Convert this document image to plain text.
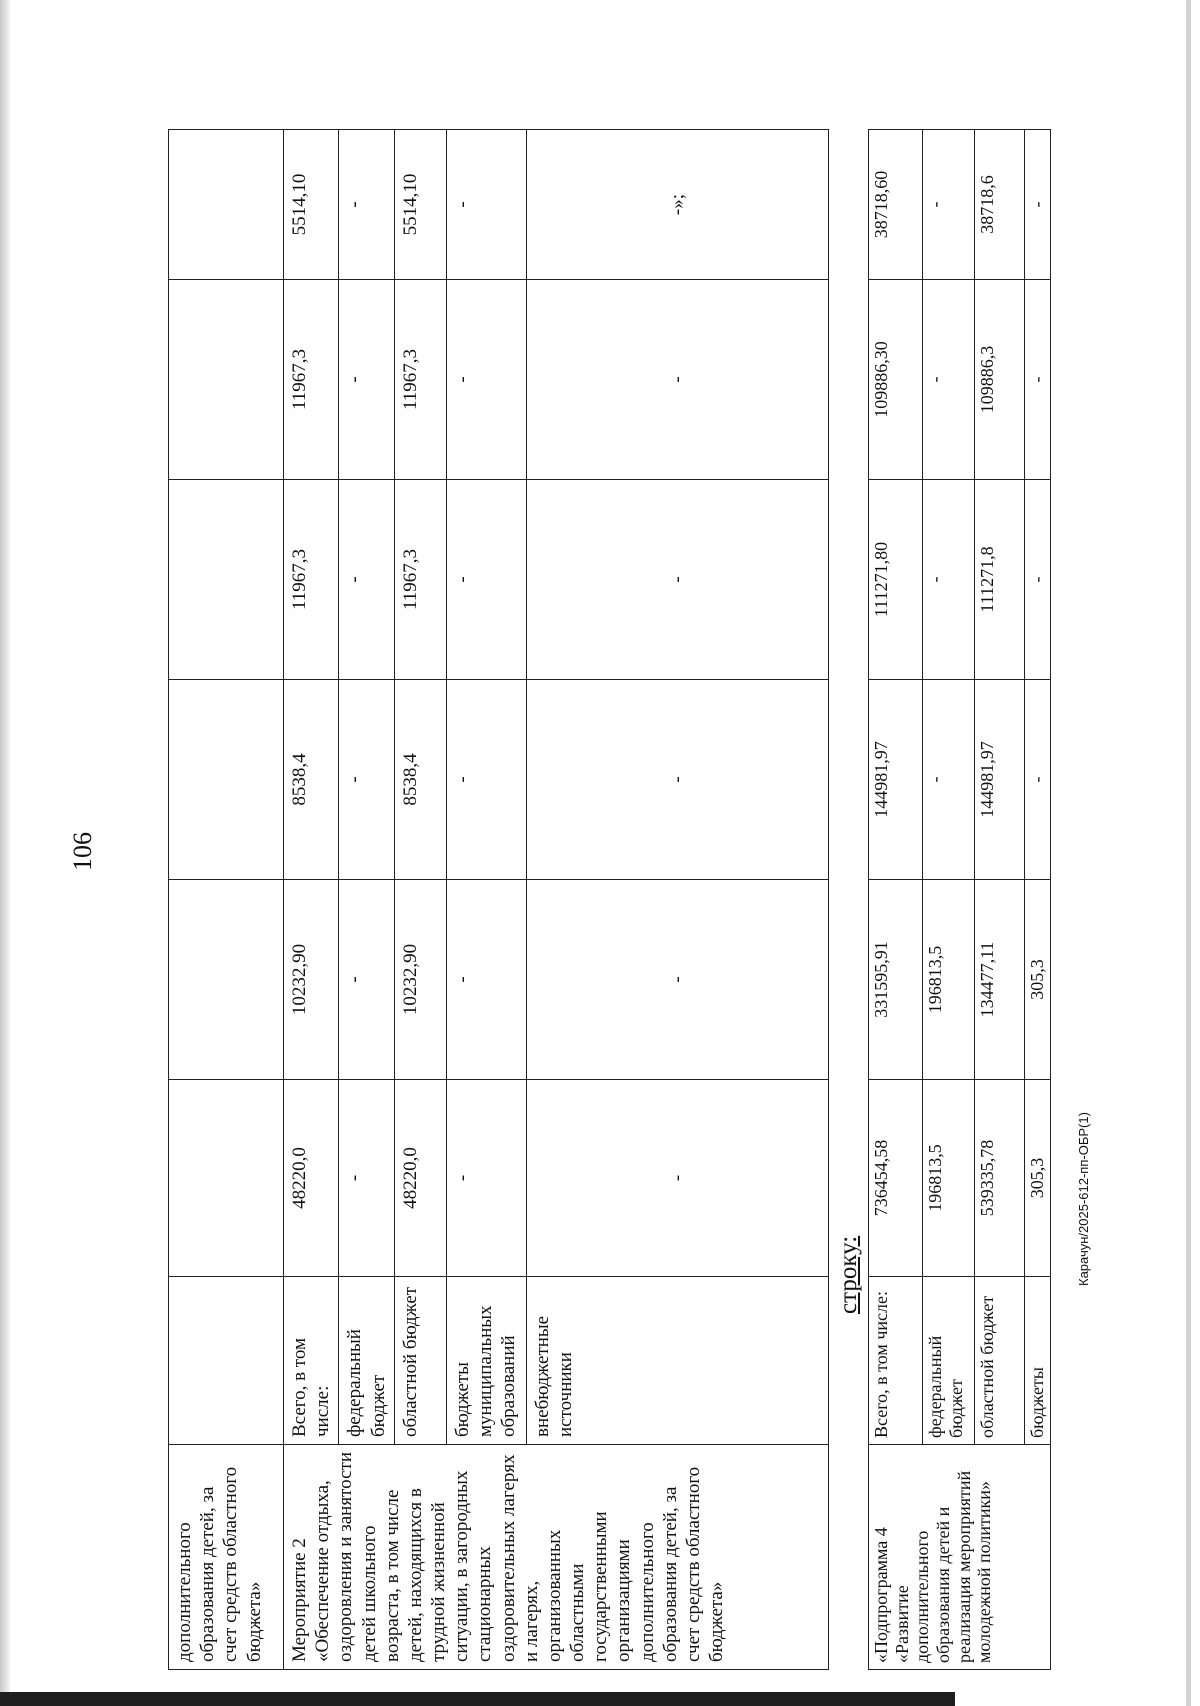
106
дополнительного образования детей, за счет средств областного бюджета»							
Мероприятие 2 «Обеспечение отдыха, оздоровления и занятости детей школьного возраста, в том числе детей, находящихся в трудной жизненной ситуации, в загородных стационарных оздоровительных лагерях и лагерях, организованных областными государственными организациями дополнительного образования детей, за счет средств областного бюджета»	Всего, в том числе:	48220,0	10232,90	8538,4	11967,3	11967,3	5514,10
	федеральный бюджет	-	-	-	-	-	-
	областной бюджет	48220,0	10232,90	8538,4	11967,3	11967,3	5514,10
	бюджеты муниципальных образований	-	-	-	-	-	-
	внебюджетные источники	-	-	-	-	-	-»;
строку:
«Подпрограмма 4 «Развитие дополнительного образования детей и реализация мероприятий молодежной политики»	Всего, в том числе:	736454,58	331595,91	144981,97	111271,80	109886,30	38718,60
	федеральный бюджет	196813,5	196813,5	-	-	-	-
	областной бюджет	539335,78	134477,11	144981,97	111271,8	109886,3	38718,6
	бюджеты	305,3	305,3	-	-	-	-
Карачун/2025-612-пп-ОБР(1)
